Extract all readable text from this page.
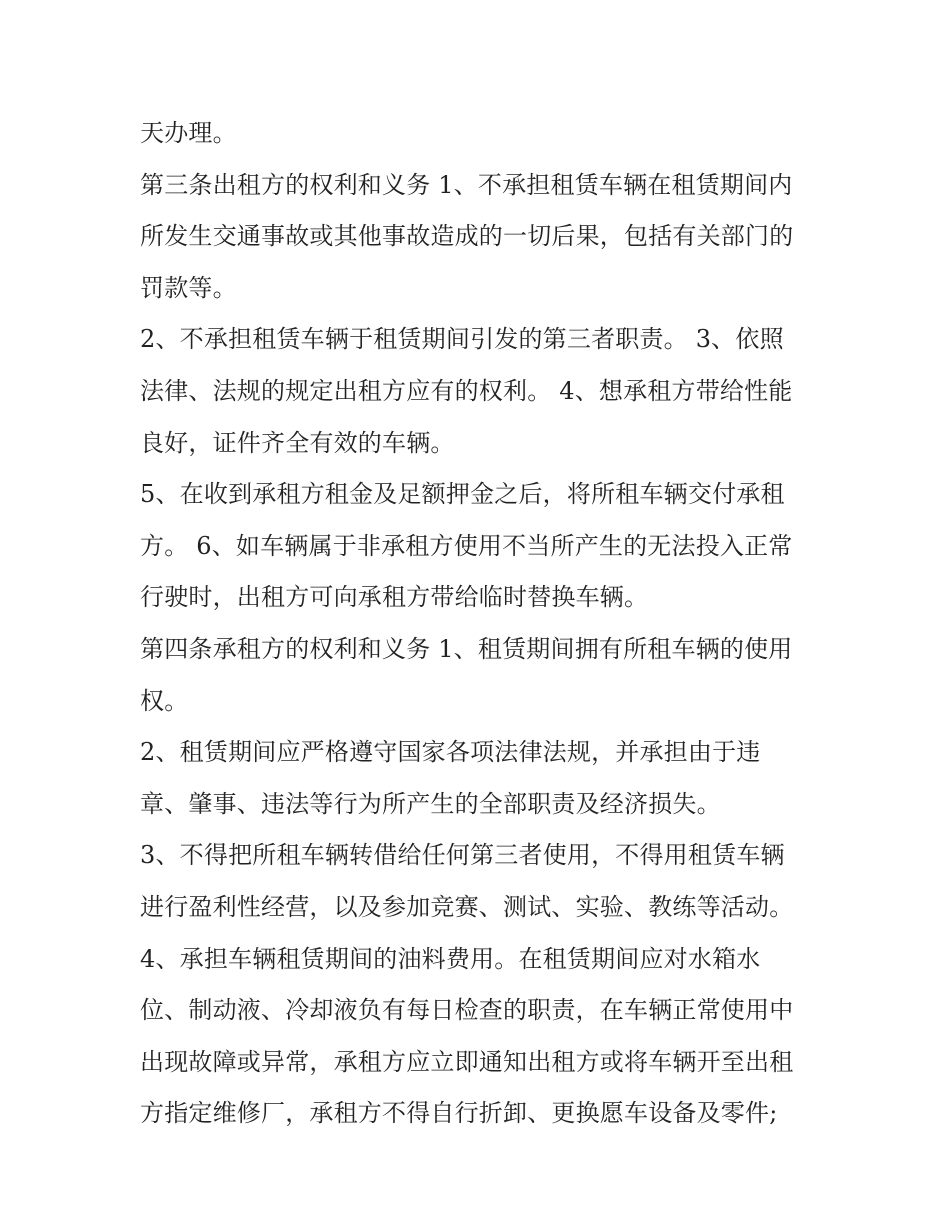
天办理。
第三条出租方的权利和义务 1、不承担租赁车辆在租赁期间内
所发生交通事故或其他事故造成的一切后果，包括有关部门的
罚款等。
2、不承担租赁车辆于租赁期间引发的第三者职责。 3、依照
法律、法规的规定出租方应有的权利。 4、想承租方带给性能
良好，证件齐全有效的车辆。
5、在收到承租方租金及足额押金之后，将所租车辆交付承租
方。 6、如车辆属于非承租方使用不当所产生的无法投入正常
行驶时，出租方可向承租方带给临时替换车辆。
第四条承租方的权利和义务 1、租赁期间拥有所租车辆的使用
权。
2、租赁期间应严格遵守国家各项法律法规，并承担由于违
章、肇事、违法等行为所产生的全部职责及经济损失。
3、不得把所租车辆转借给任何第三者使用，不得用租赁车辆
进行盈利性经营，以及参加竞赛、测试、实验、教练等活动。
4、承担车辆租赁期间的油料费用。在租赁期间应对水箱水
位、制动液、冷却液负有每日检查的职责，在车辆正常使用中
出现故障或异常，承租方应立即通知出租方或将车辆开至出租
方指定维修厂，承租方不得自行折卸、更换愿车设备及零件;
